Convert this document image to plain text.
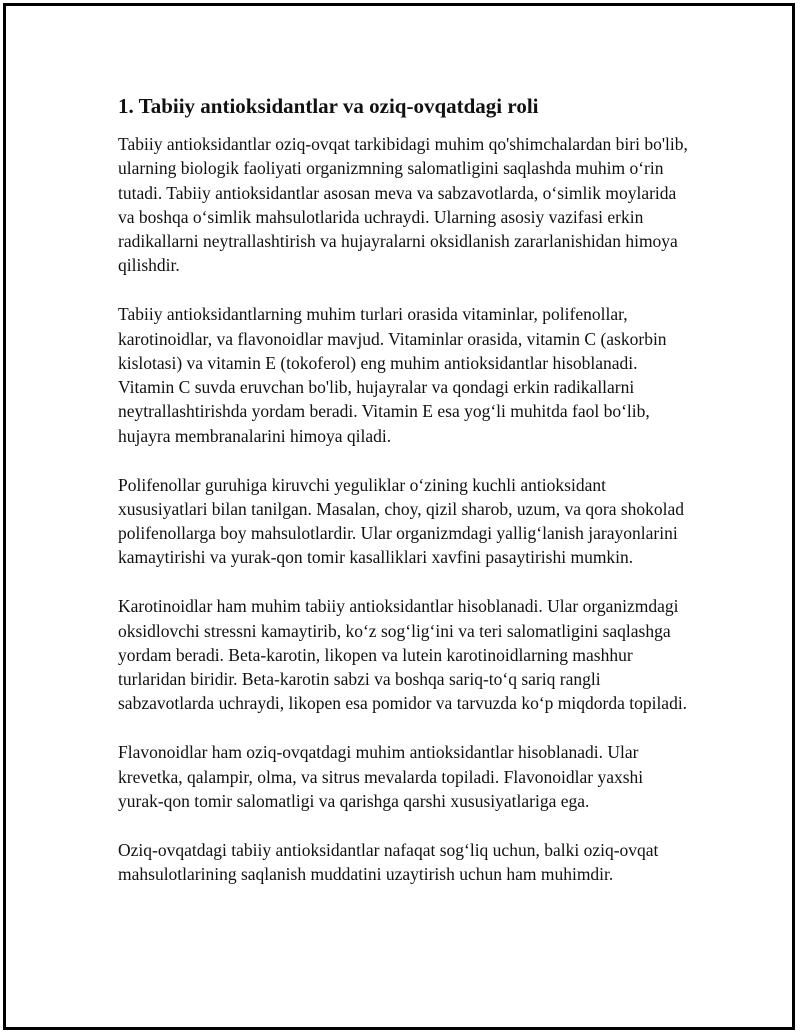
1. Tabiiy antioksidantlar va oziq-ovqatdagi roli

Tabiiy antioksidantlar oziq-ovqat tarkibidagi muhim qo'shimchalardan biri bo'lib, ularning biologik faoliyati organizmning salomatligini saqlashda muhim o‘rin tutadi. Tabiiy antioksidantlar asosan meva va sabzavotlarda, o‘simlik moylarida va boshqa o‘simlik mahsulotlarida uchraydi. Ularning asosiy vazifasi erkin radikallarni neytrallashtirish va hujayralarni oksidlanish zararlanishidan himoya qilishdir.

Tabiiy antioksidantlarning muhim turlari orasida vitaminlar, polifenollar, karotinoidlar, va flavonoidlar mavjud. Vitaminlar orasida, vitamin C (askorbin kislotasi) va vitamin E (tokoferol) eng muhim antioksidantlar hisoblanadi. Vitamin C suvda eruvchan bo'lib, hujayralar va qondagi erkin radikallarni neytrallashtirishda yordam beradi. Vitamin E esa yog‘li muhitda faol bo‘lib, hujayra membranalarini himoya qiladi.

Polifenollar guruhiga kiruvchi yeguliklar o‘zining kuchli antioksidant xususiyatlari bilan tanilgan. Masalan, choy, qizil sharob, uzum, va qora shokolad polifenollarga boy mahsulotlardir. Ular organizmdagi yallig‘lanish jarayonlarini kamaytirishi va yurak-qon tomir kasalliklari xavfini pasaytirishi mumkin.

Karotinoidlar ham muhim tabiiy antioksidantlar hisoblanadi. Ular organizmdagi oksidlovchi stressni kamaytirib, ko‘z sog‘lig‘ini va teri salomatligini saqlashga yordam beradi. Beta-karotin, likopen va lutein karotinoidlarning mashhur turlaridan biridir. Beta-karotin sabzi va boshqa sariq-to‘q sariq rangli sabzavotlarda uchraydi, likopen esa pomidor va tarvuzda ko‘p miqdorda topiladi.

Flavonoidlar ham oziq-ovqatdagi muhim antioksidantlar hisoblanadi. Ular krevetka, qalampir, olma, va sitrus mevalarda topiladi. Flavonoidlar yaxshi yurak-qon tomir salomatligi va qarishga qarshi xususiyatlariga ega.

Oziq-ovqatdagi tabiiy antioksidantlar nafaqat sog‘liq uchun, balki oziq-ovqat mahsulotlarining saqlanish muddatini uzaytirish uchun ham muhimdir.
